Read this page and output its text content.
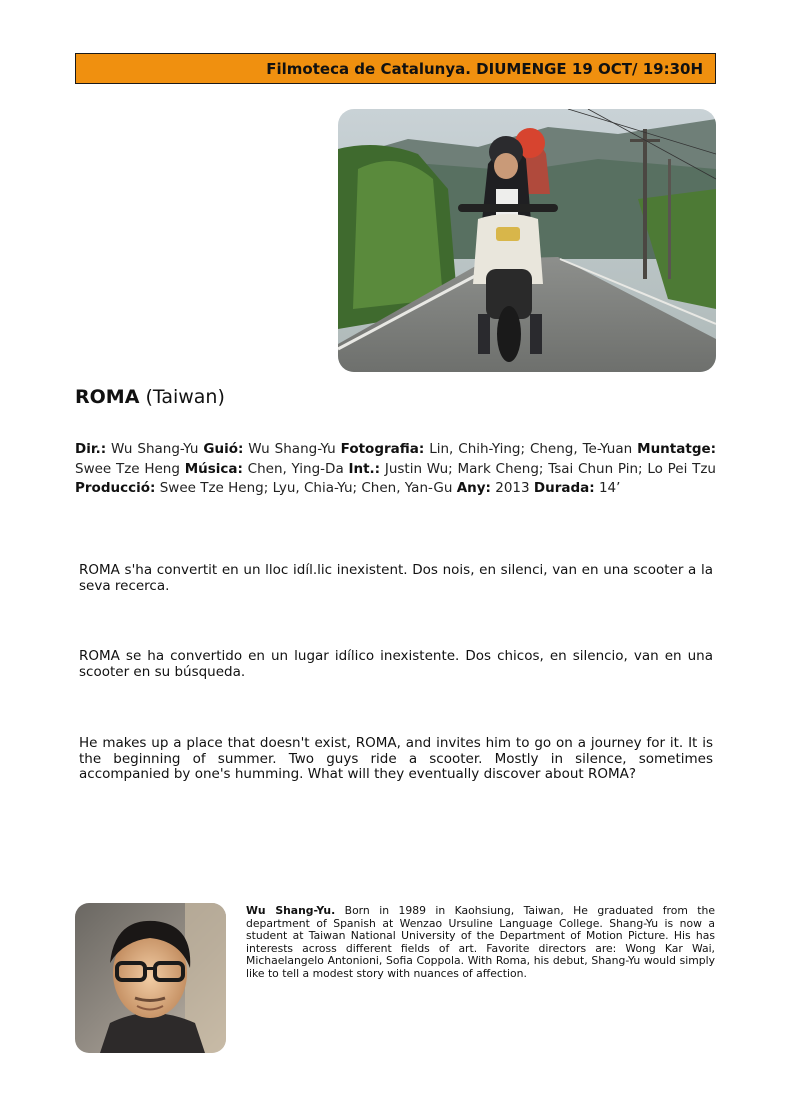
Filmoteca de Catalunya. DIUMENGE 19 OCT/ 19:30H
ROMA (Taiwan)
Dir.: Wu Shang-Yu Guió: Wu Shang-Yu Fotografia: Lin, Chih-Ying; Cheng, Te-Yuan Muntatge: Swee Tze Heng Música: Chen, Ying-Da Int.: Justin Wu; Mark Cheng; Tsai Chun Pin; Lo Pei Tzu Producció: Swee Tze Heng; Lyu, Chia-Yu; Chen, Yan-Gu Any: 2013 Durada: 14’

ROMA s'ha convertit en un lloc idíl.lic inexistent. Dos nois, en silenci, van en una scooter a la seva recerca.

ROMA se ha convertido en un lugar idílico inexistente. Dos chicos, en silencio, van en una scooter en su búsqueda.

He makes up a place that doesn't exist, ROMA, and invites him to go on a journey for it. It is the beginning of summer. Two guys ride a scooter. Mostly in silence, sometimes accompanied by one's humming. What will they eventually discover about ROMA?

Wu Shang-Yu. Born in 1989 in Kaohsiung, Taiwan, He graduated from the department of Spanish at Wenzao Ursuline Language College. Shang-Yu is now a student at Taiwan National University of the Department of Motion Picture. His has interests across different fields of art. Favorite directors are: Wong Kar Wai, Michaelangelo Antonioni, Sofia Coppola. With Roma, his debut, Shang-Yu would simply like to tell a modest story with nuances of affection.
